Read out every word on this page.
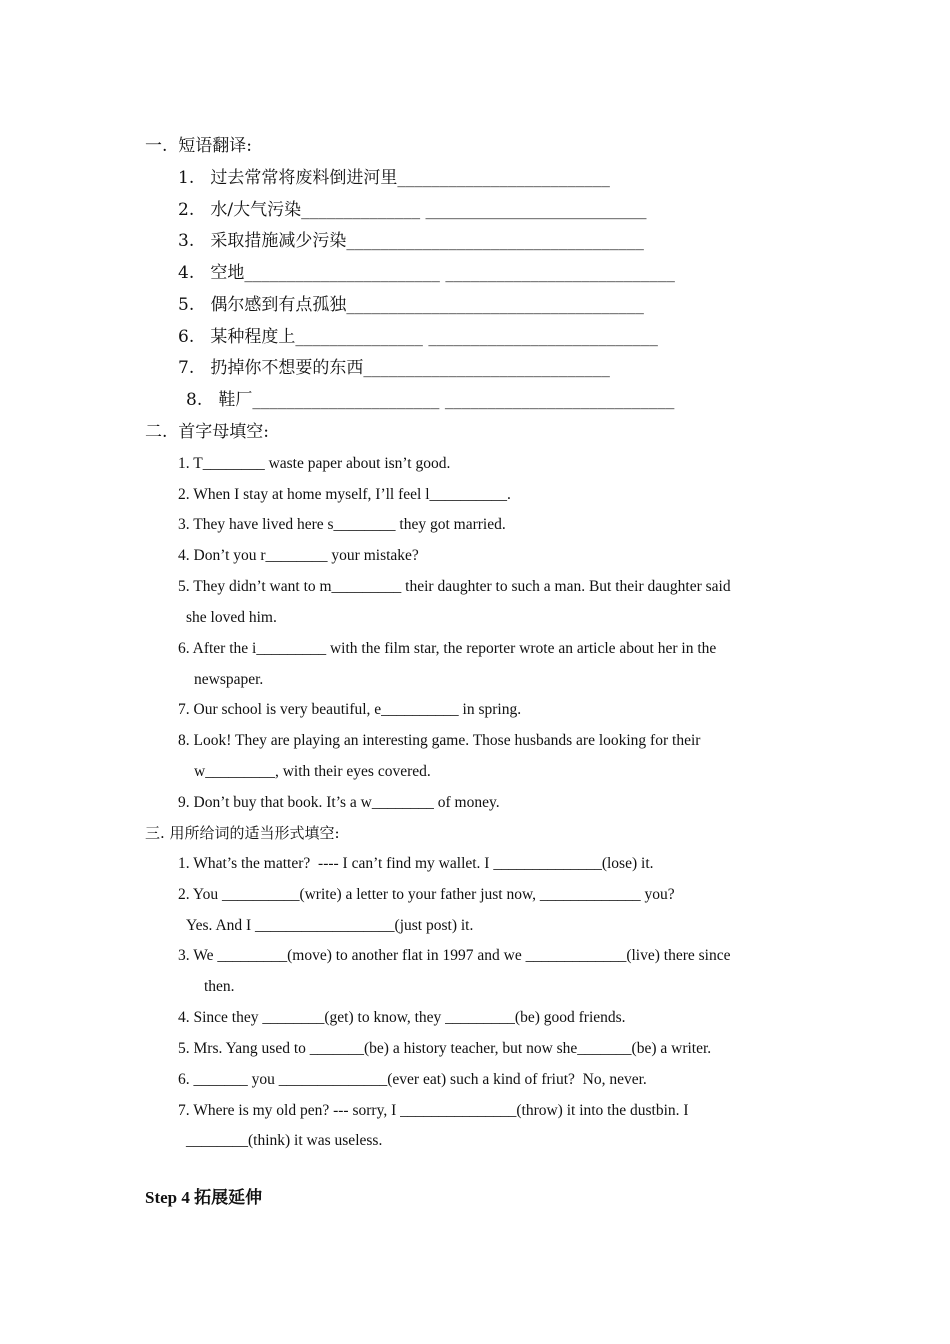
一.  短语翻译:
1.   过去常常将废料倒进河里_________________________
2.   水/大气污染______________ __________________________
3.   采取措施减少污染___________________________________
4.   空地_______________________ ___________________________
5.   偶尔感到有点孤独___________________________________
6.   某种程度上_______________ ___________________________
7.   扔掉你不想要的东西_____________________________
8.   鞋厂______________________ ___________________________
二.  首字母填空:
1. T________ waste paper about isn’t good.
2. When I stay at home myself, I’ll feel l__________.
3. They have lived here s________ they got married.
4. Don’t you r________ your mistake?
5. They didn’t want to m_________ their daughter to such a man. But their daughter said
she loved him.
6. After the i_________ with the film star, the reporter wrote an article about her in the
newspaper.
7. Our school is very beautiful, e__________ in spring.
8. Look! They are playing an interesting game. Those husbands are looking for their
w_________, with their eyes covered.
9. Don’t buy that book. It’s a w________ of money.
三. 用所给词的适当形式填空:
1. What’s the matter?  ---- I can’t find my wallet. I ______________(lose) it.
2. You __________(write) a letter to your father just now, _____________ you?
Yes. And I __________________(just post) it.
3. We _________(move) to another flat in 1997 and we _____________(live) there since
then.
4. Since they ________(get) to know, they _________(be) good friends.
5. Mrs. Yang used to _______(be) a history teacher, but now she_______(be) a writer.
6. _______ you ______________(ever eat) such a kind of friut?  No, never.
7. Where is my old pen? --- sorry, I _______________(throw) it into the dustbin. I
________(think) it was useless.
Step 4 拓展延伸
